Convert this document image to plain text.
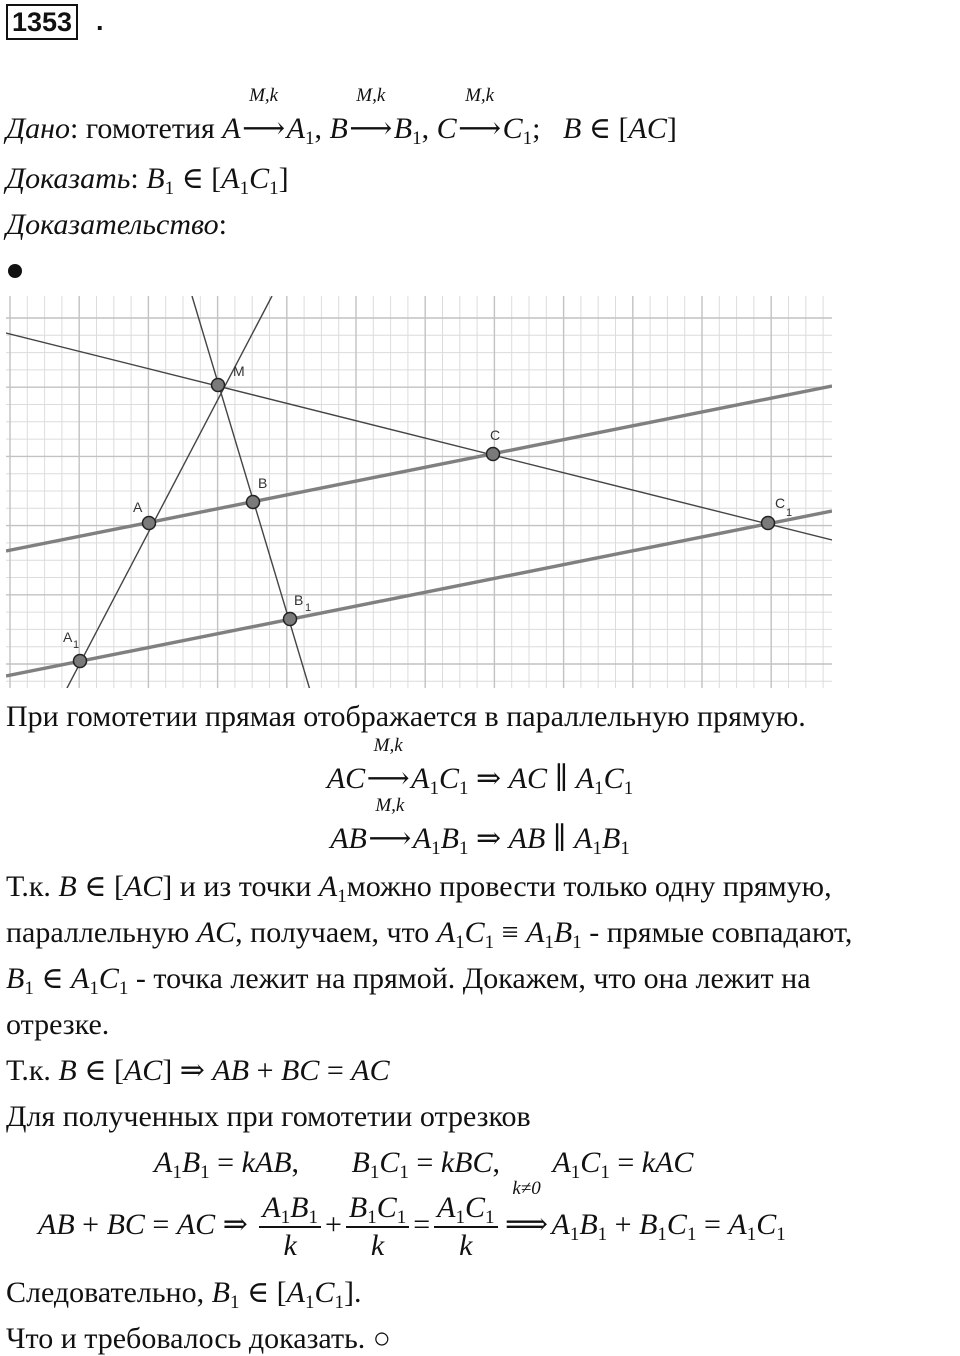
1353 .
Дано: гомотетия A⟶
M,k
$A_1$, B⟶
M,k
$B_1$, C⟶
M,k
$C_1$;   B ∈ [AC]
Доказать: $B_1$ ∈ $[A_1C_1]$
Доказательство:
M
A
B
C
A 1
B 1
C
1
При гомотетии прямая отображается в параллельную прямую.
AC⟶
M,k
$A_1C_1$ ⇒ AC ∥ $A_1C_1$
AB⟶
M,k
$A_1B_1$ ⇒ AB ∥ $A_1B_1$
Т.к. B ∈ [AC] и из точки $A_1можно$ провести только одну прямую,
параллельную AC, получаем, что $A_1C_1 \equiv A_1B_1$ - прямые совпадают,
$B_1$ ∈ $A_1C_1$ - точка лежит на прямой. Докажем, что она лежит на
отрезке.
Т.к. B ∈ [AC] ⇒ AB + BC = AC
Для полученных при гомотетии отрезков
$A_1B_1$ = kAB,       $B_1C_1$ = kBC,       $A_1C_1$ = kAC
AB + BC = AC ⇒ $\frac{A_1B_1}{k} + \frac{B_1C_1}{k} = \frac{A_1C_1}{k}$ ⟹
k≠0
$A_1B_1 + B_1C_1 = A_1C_1$
Следовательно, $B_1$ ∈ $[A_1C_1]$.
Что и требовалось доказать. ○
